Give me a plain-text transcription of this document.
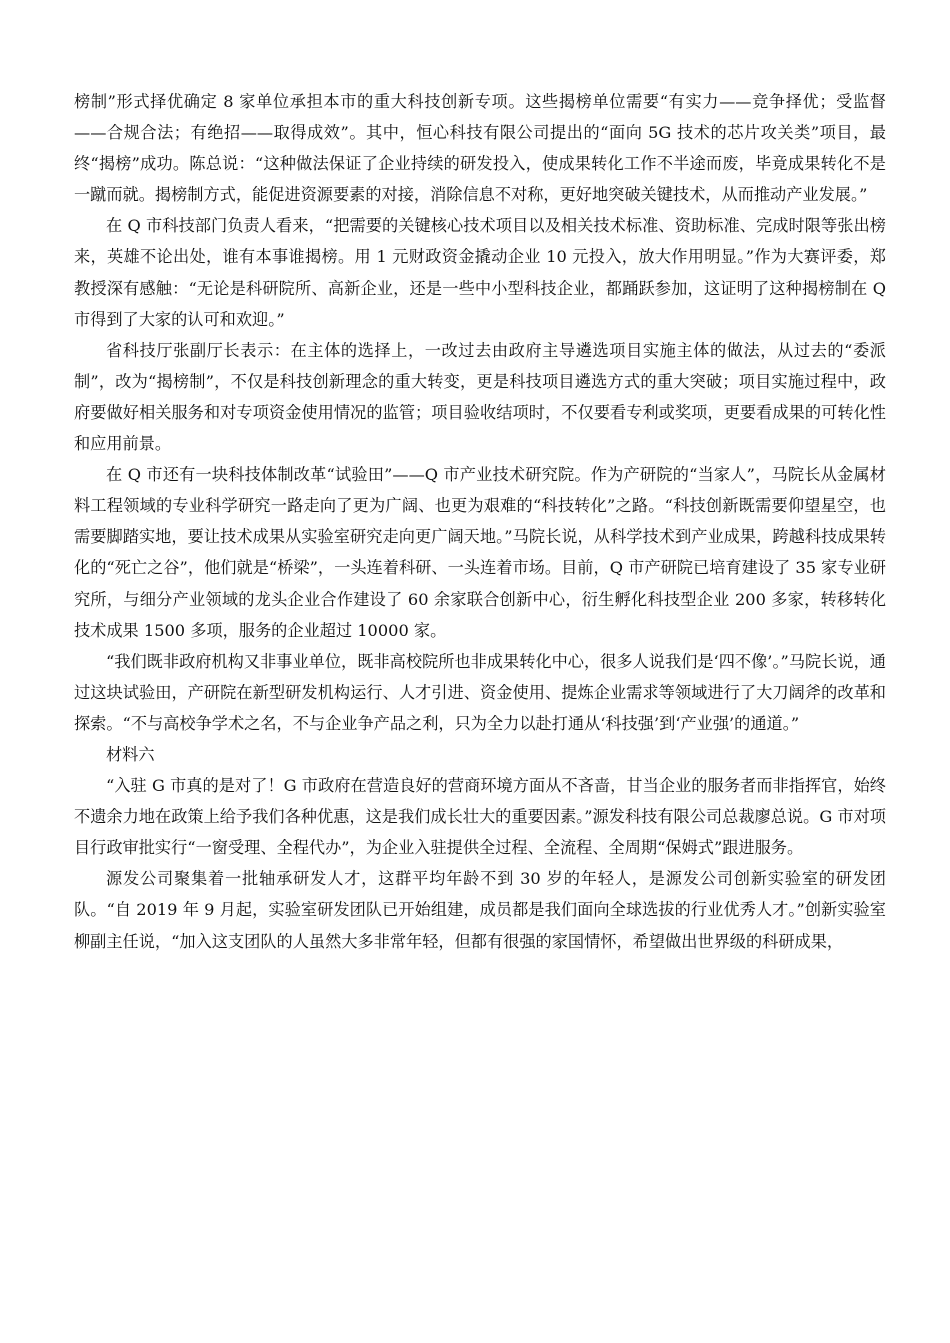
榜制”形式择优确定 8 家单位承担本市的重大科技创新专项。这些揭榜单位需要“有实力——竞争择优；受监督——合规合法；有绝招——取得成效”。其中，恒心科技有限公司提出的“面向 5G 技术的芯片攻关类”项目，最终“揭榜”成功。陈总说：“这种做法保证了企业持续的研发投入，使成果转化工作不半途而废，毕竟成果转化不是一蹴而就。揭榜制方式，能促进资源要素的对接，消除信息不对称，更好地突破关键技术，从而推动产业发展。”

在 Q 市科技部门负责人看来，“把需要的关键核心技术项目以及相关技术标准、资助标准、完成时限等张出榜来，英雄不论出处，谁有本事谁揭榜。用 1 元财政资金撬动企业 10 元投入，放大作用明显。”作为大赛评委，郑教授深有感触：“无论是科研院所、高新企业，还是一些中小型科技企业，都踊跃参加，这证明了这种揭榜制在 Q 市得到了大家的认可和欢迎。”

省科技厅张副厅长表示：在主体的选择上，一改过去由政府主导遴选项目实施主体的做法，从过去的“委派制”，改为“揭榜制”，不仅是科技创新理念的重大转变，更是科技项目遴选方式的重大突破；项目实施过程中，政府要做好相关服务和对专项资金使用情况的监管；项目验收结项时，不仅要看专利或奖项，更要看成果的可转化性和应用前景。

在 Q 市还有一块科技体制改革“试验田”——Q 市产业技术研究院。作为产研院的“当家人”，马院长从金属材料工程领域的专业科学研究一路走向了更为广阔、也更为艰难的“科技转化”之路。“科技创新既需要仰望星空，也需要脚踏实地，要让技术成果从实验室研究走向更广阔天地。”马院长说，从科学技术到产业成果，跨越科技成果转化的“死亡之谷”，他们就是“桥梁”，一头连着科研、一头连着市场。目前，Q 市产研院已培育建设了 35 家专业研究所，与细分产业领域的龙头企业合作建设了 60 余家联合创新中心，衍生孵化科技型企业 200 多家，转移转化技术成果 1500 多项，服务的企业超过 10000 家。

“我们既非政府机构又非事业单位，既非高校院所也非成果转化中心，很多人说我们是‘四不像’。”马院长说，通过这块试验田，产研院在新型研发机构运行、人才引进、资金使用、提炼企业需求等领域进行了大刀阔斧的改革和探索。“不与高校争学术之名，不与企业争产品之利，只为全力以赴打通从‘科技强’到‘产业强’的通道。”

材料六

“入驻 G 市真的是对了！G 市政府在营造良好的营商环境方面从不吝啬，甘当企业的服务者而非指挥官，始终不遗余力地在政策上给予我们各种优惠，这是我们成长壮大的重要因素。”源发科技有限公司总裁廖总说。G 市对项目行政审批实行“一窗受理、全程代办”，为企业入驻提供全过程、全流程、全周期“保姆式”跟进服务。

源发公司聚集着一批轴承研发人才，这群平均年龄不到 30 岁的年轻人，是源发公司创新实验室的研发团队。“自 2019 年 9 月起，实验室研发团队已开始组建，成员都是我们面向全球选拔的行业优秀人才。”创新实验室柳副主任说，“加入这支团队的人虽然大多非常年轻，但都有很强的家国情怀，希望做出世界级的科研成果，
